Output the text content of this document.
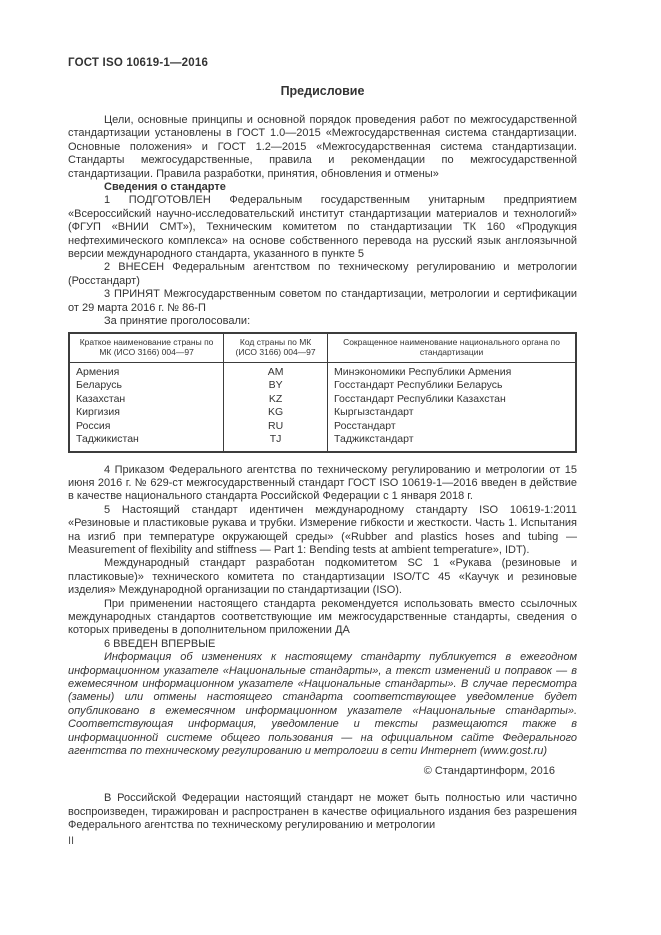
ГОСТ ISO 10619-1—2016
Предисловие

Цели, основные принципы и основной порядок проведения работ по межгосударственной стандартизации установлены в ГОСТ 1.0—2015 «Межгосударственная система стандартизации. Основные положения» и ГОСТ 1.2—2015 «Межгосударственная система стандартизации. Стандарты межгосударственные, правила и рекомендации по межгосударственной стандартизации. Правила разработки, принятия, обновления и отмены»

Сведения о стандарте

1 ПОДГОТОВЛЕН Федеральным государственным унитарным предприятием «Всероссийский научно-исследовательский институт стандартизации материалов и технологий» (ФГУП «ВНИИ СМТ»), Техническим комитетом по стандартизации ТК 160 «Продукция нефтехимического комплекса» на основе собственного перевода на русский язык англоязычной версии международного стандарта, указанного в пункте 5

2 ВНЕСЕН Федеральным агентством по техническому регулированию и метрологии (Росстандарт)

3 ПРИНЯТ Межгосударственным советом по стандартизации, метрологии и сертификации от 29 марта 2016 г. № 86-П

За принятие проголосовали:

Краткое наименование страны по МК (ИСО 3166) 004—97	Код страны по МК (ИСО 3166) 004—97	Сокращенное наименование национального органа по стандартизации
Армения	AM	Минэкономики Республики Армения
Беларусь	BY	Госстандарт Республики Беларусь
Казахстан	KZ	Госстандарт Республики Казахстан
Киргизия	KG	Кыргызстандарт
Россия	RU	Росстандарт
Таджикистан	TJ	Таджикстандарт

4 Приказом Федерального агентства по техническому регулированию и метрологии от 15 июня 2016 г. № 629-ст межгосударственный стандарт ГОСТ ISO 10619-1—2016 введен в действие в качестве национального стандарта Российской Федерации с 1 января 2018 г.

5 Настоящий стандарт идентичен международному стандарту ISO 10619-1:2011 «Резиновые и пластиковые рукава и трубки. Измерение гибкости и жесткости. Часть 1. Испытания на изгиб при температуре окружающей среды» («Rubber and plastics hoses and tubing — Measurement of flexibility and stiffness — Part 1: Bending tests at ambient temperature», IDT).

Международный стандарт разработан подкомитетом SC 1 «Рукава (резиновые и пластиковые)» технического комитета по стандартизации ISO/TC 45 «Каучук и резиновые изделия» Международной организации по стандартизации (ISO).

При применении настоящего стандарта рекомендуется использовать вместо ссылочных международных стандартов соответствующие им межгосударственные стандарты, сведения о которых приведены в дополнительном приложении ДА

6 ВВЕДЕН ВПЕРВЫЕ

Информация об изменениях к настоящему стандарту публикуется в ежегодном информационном указателе «Национальные стандарты», а текст изменений и поправок — в ежемесячном информационном указателе «Национальные стандарты». В случае пересмотра (замены) или отмены настоящего стандарта соответствующее уведомление будет опубликовано в ежемесячном информационном указателе «Национальные стандарты». Соответствующая информация, уведомление и тексты размещаются также в информационной системе общего пользования — на официальном сайте Федерального агентства по техническому регулированию и метрологии в сети Интернет (www.gost.ru)

© Стандартинформ, 2016

В Российской Федерации настоящий стандарт не может быть полностью или частично воспроизведен, тиражирован и распространен в качестве официального издания без разрешения Федерального агентства по техническому регулированию и метрологии

II
